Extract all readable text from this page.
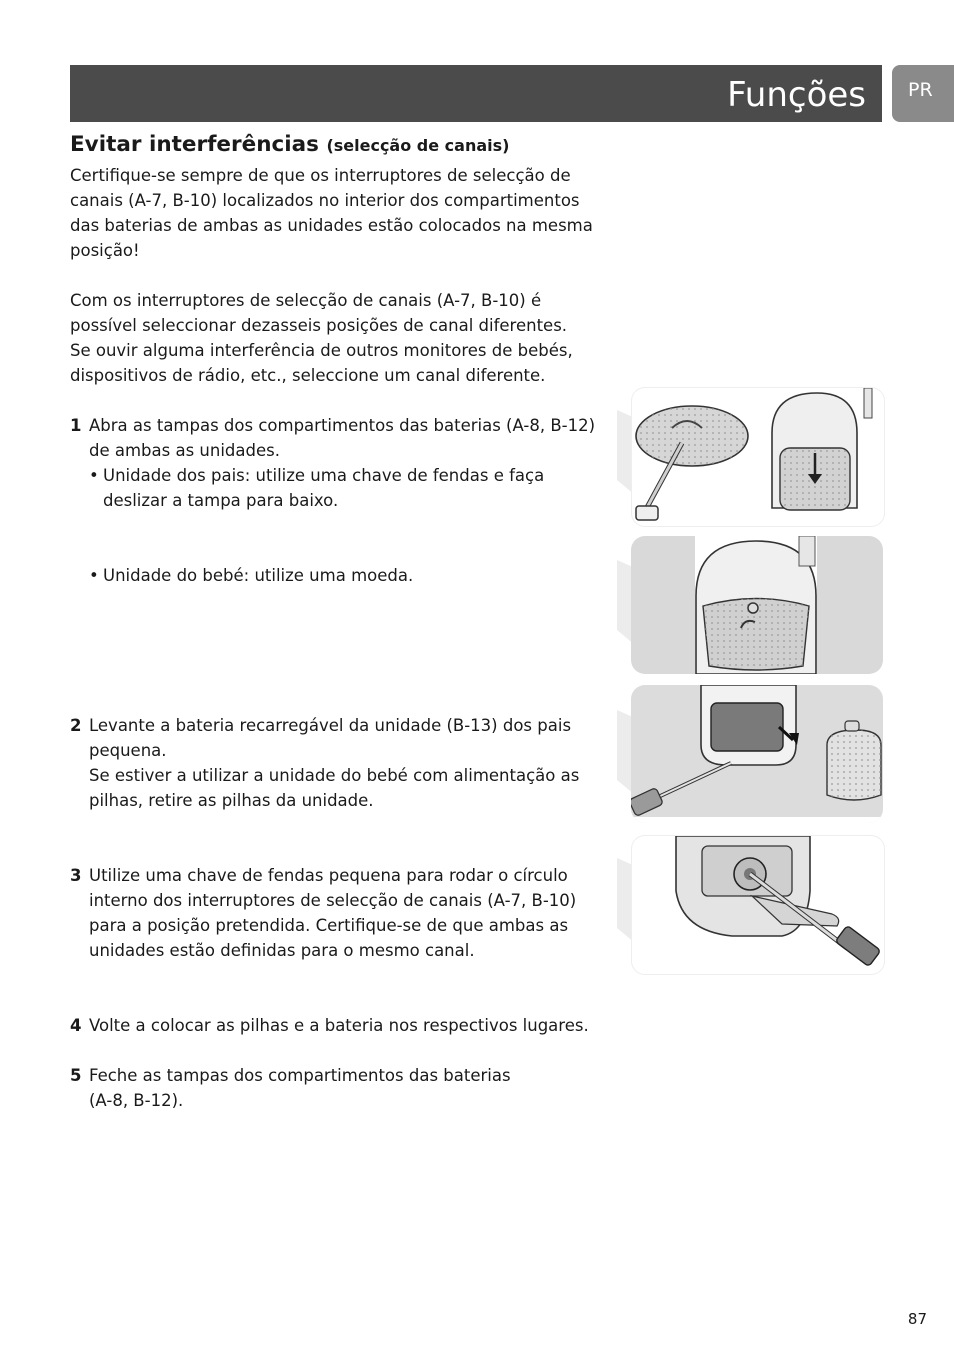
Funções PR
Evitar interferências (selecção de canais)

Certifique-se sempre de que os interruptores de selecção de canais (A-7, B-10) localizados no interior dos compartimentos das baterias de ambas as unidades estão colocados na mesma posição!

Com os interruptores de selecção de canais (A-7, B-10) é possível seleccionar dezasseis posições de canal diferentes.

Se ouvir alguma interferência de outros monitores de bebés, dispositivos de rádio, etc., seleccione um canal diferente.

1 Abra as tampas dos compartimentos das baterias (A-8, B-12) de ambas as unidades.

• Unidade dos pais: utilize uma chave de fendas e faça deslizar a tampa para baixo.

• Unidade do bebé: utilize uma moeda.

2 Levante a bateria recarregável da unidade (B-13) dos pais pequena.

Se estiver a utilizar a unidade do bebé com alimentação as pilhas, retire as pilhas da unidade.

3 Utilize uma chave de fendas pequena para rodar o círculo interno dos interruptores de selecção de canais (A-7, B-10) para a posição pretendida. Certifique-se de que ambas as unidades estão definidas para o mesmo canal.

4 Volte a colocar as pilhas e a bateria nos respectivos lugares.

5 Feche as tampas dos compartimentos das baterias

(A-8, B-12).

87
